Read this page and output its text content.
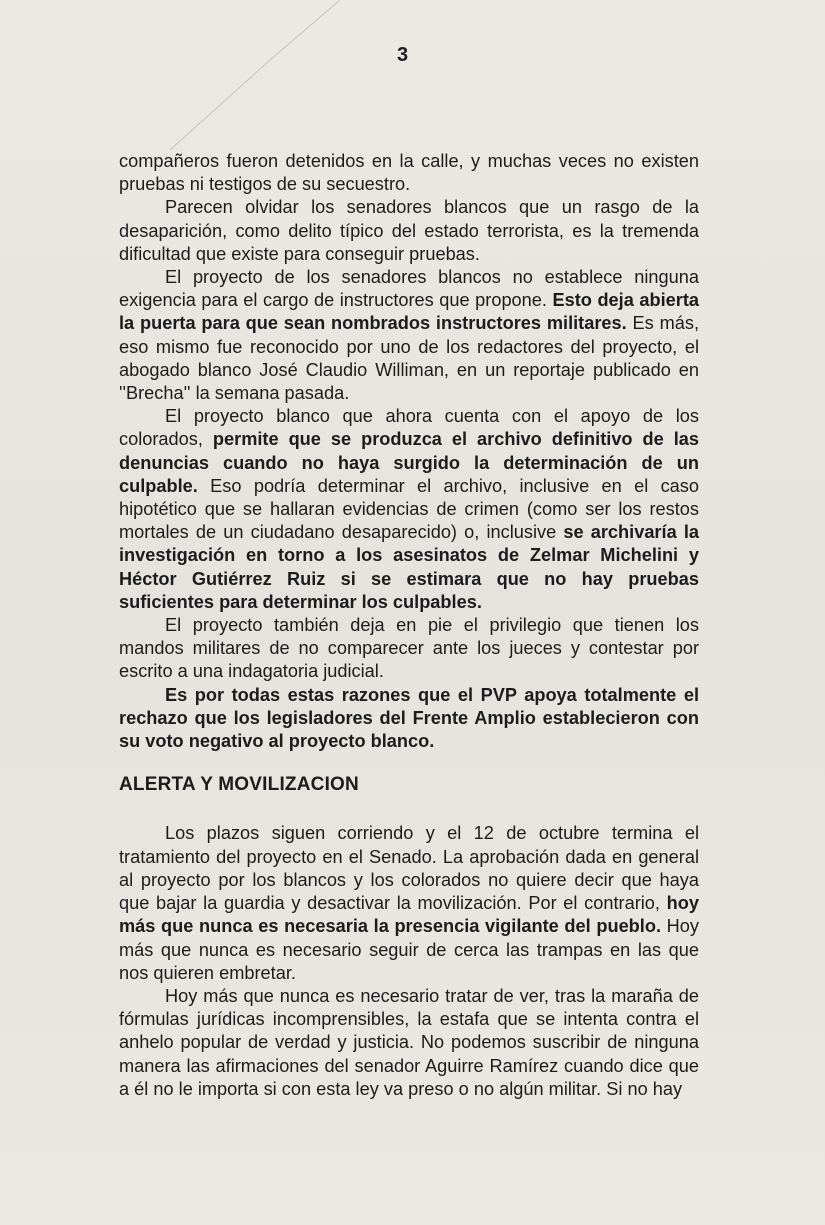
3

compañeros fueron detenidos en la calle, y muchas veces no existen pruebas ni testigos de su secuestro.

Parecen olvidar los senadores blancos que un rasgo de la desaparición, como delito típico del estado terrorista, es la tremenda dificultad que existe para conseguir pruebas.

El proyecto de los senadores blancos no establece ninguna exigencia para el cargo de instructores que propone. Esto deja abierta la puerta para que sean nombrados instructores militares. Es más, eso mismo fue reconocido por uno de los redactores del proyecto, el abogado blanco José Claudio Williman, en un reportaje publicado en ''Brecha'' la semana pasada.

El proyecto blanco que ahora cuenta con el apoyo de los colorados, permite que se produzca el archivo definitivo de las denuncias cuando no haya surgido la determinación de un culpable. Eso podría determinar el archivo, inclusive en el caso hipotético que se hallaran evidencias de crimen (como ser los restos mortales de un ciudadano desaparecido) o, inclusive se archivaría la investigación en torno a los asesinatos de Zelmar Michelini y Héctor Gutiérrez Ruiz si se estimara que no hay pruebas suficientes para determinar los culpables.

El proyecto también deja en pie el privilegio que tienen los mandos militares de no comparecer ante los jueces y contestar por escrito a una indagatoria judicial.

Es por todas estas razones que el PVP apoya totalmente el rechazo que los legisladores del Frente Amplio establecieron con su voto negativo al proyecto blanco.

ALERTA Y MOVILIZACION

Los plazos siguen corriendo y el 12 de octubre termina el tratamiento del proyecto en el Senado. La aprobación dada en general al proyecto por los blancos y los colorados no quiere decir que haya que bajar la guardia y desactivar la movilización. Por el contrario, hoy más que nunca es necesaria la presencia vigilante del pueblo. Hoy más que nunca es necesario seguir de cerca las trampas en las que nos quieren embretar.

Hoy más que nunca es necesario tratar de ver, tras la maraña de fórmulas jurídicas incomprensibles, la estafa que se intenta contra el anhelo popular de verdad y justicia. No podemos suscribir de ninguna manera las afirmaciones del senador Aguirre Ramírez cuando dice que a él no le importa si con esta ley va preso o no algún militar. Si no hay
